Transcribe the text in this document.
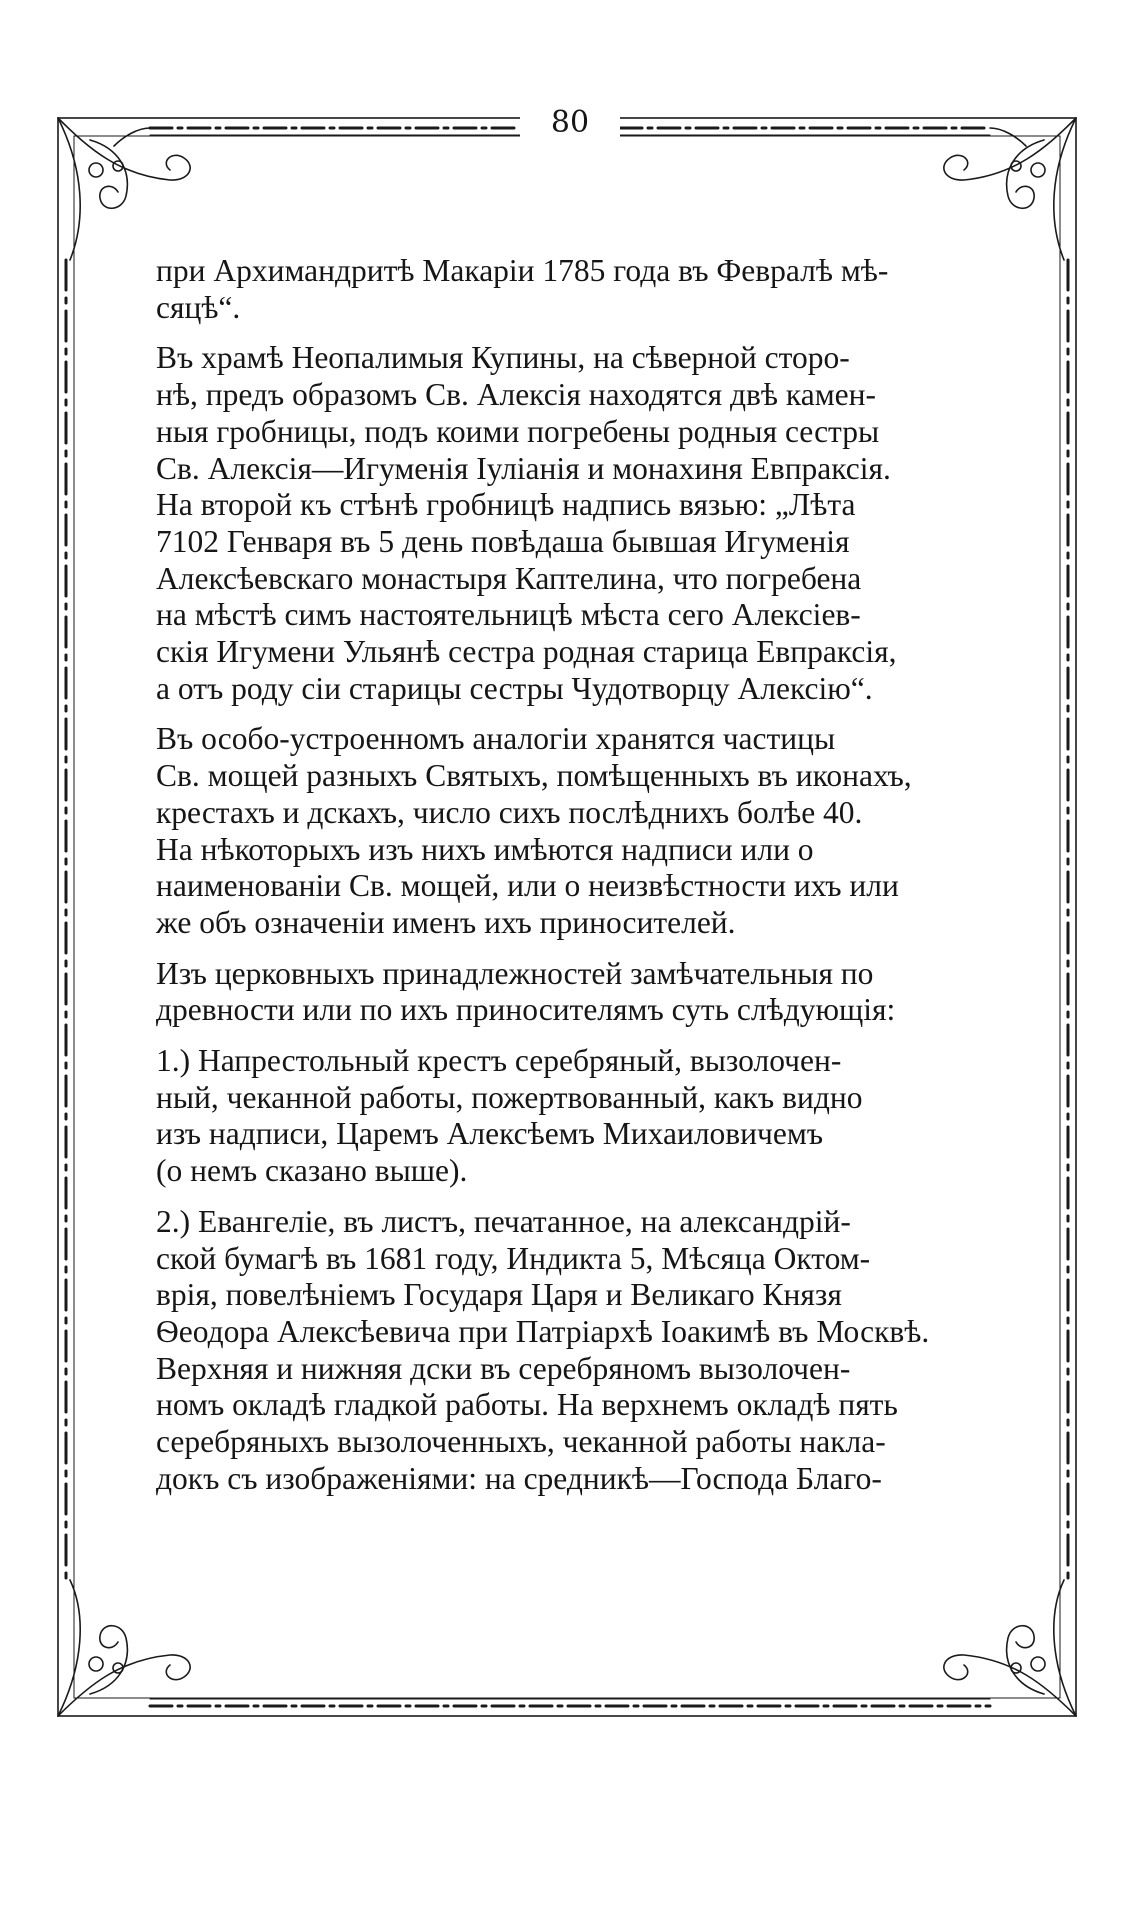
80

при Архимандритѣ Макаріи 1785 года въ Февралѣ мѣ-
сяцѣ“.

Въ храмѣ Неопалимыя Купины, на сѣверной сторо-
нѣ, предъ образомъ Св. Алексія находятся двѣ камен-
ныя гробницы, подъ коими погребены родныя сестры
Св. Алексія—Игуменія Іуліанія и монахиня Евпраксія.
На второй къ стѣнѣ гробницѣ надпись вязью: „Лѣта
7102 Генваря въ 5 день повѣдаша бывшая Игуменія
Алексѣевскаго монастыря Каптелина, что погребена
на мѣстѣ симъ настоятельницѣ мѣста сего Алексіев-
скія Игумени Ульянѣ сестра родная старица Евпраксія,
а отъ роду сіи старицы сестры Чудотворцу Алексію“.

Въ особо-устроенномъ аналогіи хранятся частицы
Св. мощей разныхъ Святыхъ, помѣщенныхъ въ иконахъ,
крестахъ и дскахъ, число сихъ послѣднихъ болѣе 40.
На нѣкоторыхъ изъ нихъ имѣются надписи или о
наименованіи Св. мощей, или о неизвѣстности ихъ или
же объ означеніи именъ ихъ приносителей.

Изъ церковныхъ принадлежностей замѣчательныя по
древности или по ихъ приносителямъ суть слѣдующія:

1.) Напрестольный крестъ серебряный, вызолочен-
ный, чеканной работы, пожертвованный, какъ видно
изъ надписи, Царемъ Алексѣемъ Михаиловичемъ
(о немъ сказано выше).

2.) Евангеліе, въ листъ, печатанное, на александрій-
ской бумагѣ въ 1681 году, Индикта 5, Мѣсяца Октом-
врія, повелѣніемъ Государя Царя и Великаго Князя
Ѳеодора Алексѣевича при Патріархѣ Іоакимѣ въ Москвѣ.
Верхняя и нижняя дски въ серебряномъ вызолочен-
номъ окладѣ гладкой работы. На верхнемъ окладѣ пять
серебряныхъ вызолоченныхъ, чеканной работы накла-
докъ съ изображеніями: на средникѣ—Господа Благо-
